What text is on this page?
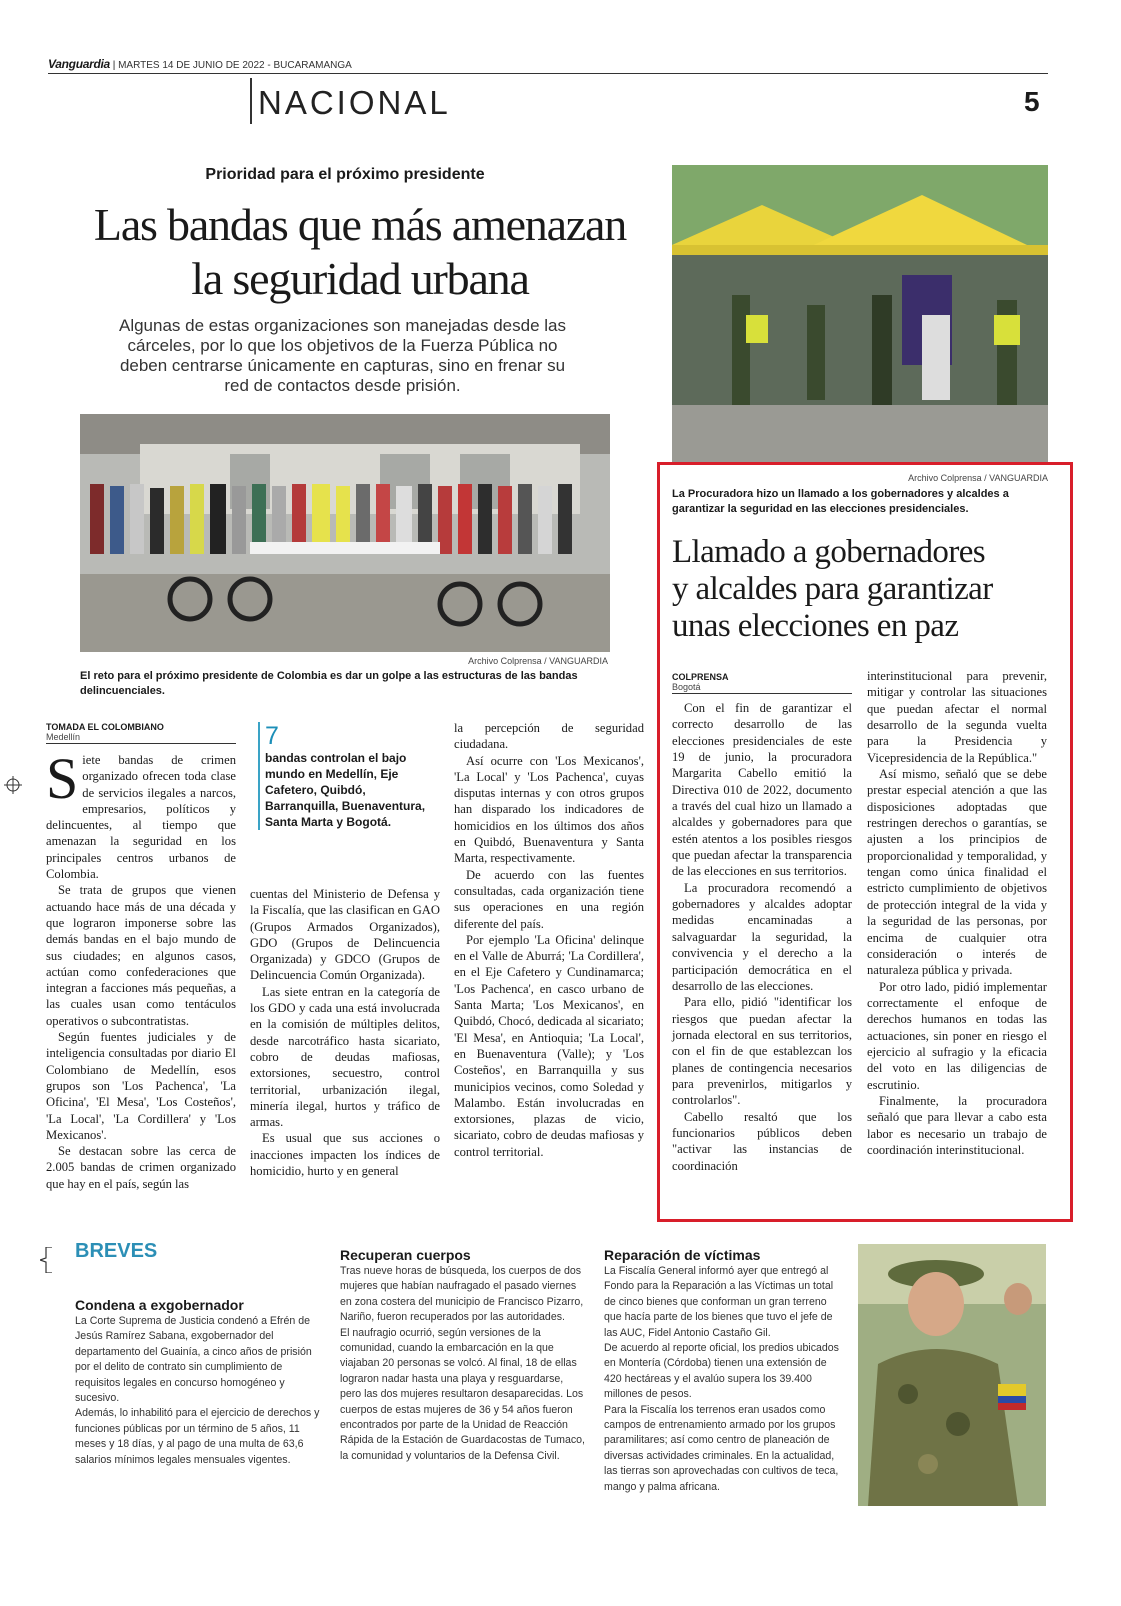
Vanguardia | MARTES 14 DE JUNIO DE 2022 - BUCARAMANGA
NACIONAL	5
Prioridad para el próximo presidente
Las bandas que más amenazan
la seguridad urbana
Algunas de estas organizaciones son manejadas desde las cárceles, por lo que los objetivos de la Fuerza Pública no deben centrarse únicamente en capturas, sino en frenar su red de contactos desde prisión.
Archivo Colprensa / VANGUARDIA
El reto para el próximo presidente de Colombia es dar un golpe a las estructuras de las bandas delincuenciales.
Archivo Colprensa / VANGUARDIA
La Procuradora hizo un llamado a los gobernadores y alcaldes a garantizar la seguridad en las elecciones presidenciales.
Llamado a gobernadores
y alcaldes para garantizar
unas elecciones en paz
COLPRENSA
Bogotá

Con el fin de garantizar el correcto desarrollo de las elecciones presidenciales de este 19 de junio, la procuradora Margarita Cabello emitió la Directiva 010 de 2022, documento a través del cual hizo un llamado a alcaldes y gobernadores para que estén atentos a los posibles riesgos que puedan afectar la transparencia de las elecciones en sus territorios.

La procuradora recomendó a gobernadores y alcaldes adoptar medidas encaminadas a salvaguardar la seguridad, la convivencia y el derecho a la participación democrática en el desarrollo de las elecciones.

Para ello, pidió "identificar los riesgos que puedan afectar la jornada electoral en sus territorios, con el fin de que establezcan los planes de contingencia necesarios para prevenirlos, mitigarlos y controlarlos".

Cabello resaltó que los funcionarios públicos deben "activar las instancias de coordinación

interinstitucional para prevenir, mitigar y controlar las situaciones que puedan afectar el normal desarrollo de la segunda vuelta para la Presidencia y Vicepresidencia de la República."

Así mismo, señaló que se debe prestar especial atención a que las disposiciones adoptadas que restringen derechos o garantías, se ajusten a los principios de proporcionalidad y temporalidad, y tengan como única finalidad el estricto cumplimiento de objetivos de protección integral de la vida y la seguridad de las personas, por encima de cualquier otra consideración o interés de naturaleza pública y privada.

Por otro lado, pidió implementar correctamente el enfoque de derechos humanos en todas las actuaciones, sin poner en riesgo el ejercicio al sufragio y la eficacia del voto en las diligencias de escrutinio.

Finalmente, la procuradora señaló que para llevar a cabo esta labor es necesario un trabajo de coordinación interinstitucional.

TOMADA EL COLOMBIANO
Medellín

Siete bandas de crimen organizado ofrecen toda clase de servicios ilegales a narcos, empresarios, políticos y delincuentes, al tiempo que amenazan la seguridad en los principales centros urbanos de Colombia.

Se trata de grupos que vienen actuando hace más de una década y que lograron imponerse sobre las demás bandas en el bajo mundo de sus ciudades; en algunos casos, actúan como confederaciones que integran a facciones más pequeñas, a las cuales usan como tentáculos operativos o subcontratistas.

Según fuentes judiciales y de inteligencia consultadas por diario El Colombiano de Medellín, esos grupos son 'Los Pachenca', 'La Oficina', 'El Mesa', 'Los Costeños', 'La Local', 'La Cordillera' y 'Los Mexicanos'.

Se destacan sobre las cerca de 2.005 bandas de crimen organizado que hay en el país, según las

7
bandas controlan el bajo mundo en Medellín, Eje Cafetero, Quibdó, Barranquilla, Buenaventura, Santa Marta y Bogotá.

cuentas del Ministerio de Defensa y la Fiscalía, que las clasifican en GAO (Grupos Armados Organizados), GDO (Grupos de Delincuencia Organizada) y GDCO (Grupos de Delincuencia Común Organizada).

Las siete entran en la categoría de los GDO y cada una está involucrada en la comisión de múltiples delitos, desde narcotráfico hasta sicariato, cobro de deudas mafiosas, extorsiones, secuestro, control territorial, urbanización ilegal, minería ilegal, hurtos y tráfico de armas.

Es usual que sus acciones o inacciones impacten los índices de homicidio, hurto y en general

la percepción de seguridad ciudadana.

Así ocurre con 'Los Mexicanos', 'La Local' y 'Los Pachenca', cuyas disputas internas y con otros grupos han disparado los indicadores de homicidios en los últimos dos años en Quibdó, Buenaventura y Santa Marta, respectivamente.

De acuerdo con las fuentes consultadas, cada organización tiene sus operaciones en una región diferente del país.

Por ejemplo 'La Oficina' delinque en el Valle de Aburrá; 'La Cordillera', en el Eje Cafetero y Cundinamarca; 'Los Pachenca', en casco urbano de Santa Marta; 'Los Mexicanos', en Quibdó, Chocó, dedicada al sicariato; 'El Mesa', en Antioquia; 'La Local', en Buenaventura (Valle); y 'Los Costeños', en Barranquilla y sus municipios vecinos, como Soledad y Malambo. Están involucradas en extorsiones, plazas de vicio, sicariato, cobro de deudas mafiosas y control territorial.

BREVES
Condena a exgobernador

La Corte Suprema de Justicia condenó a Efrén de Jesús Ramírez Sabana, exgobernador del departamento del Guainía, a cinco años de prisión por el delito de contrato sin cumplimiento de requisitos legales en concurso homogéneo y sucesivo.

Además, lo inhabilitó para el ejercicio de derechos y funciones públicas por un término de 5 años, 11 meses y 18 días, y al pago de una multa de 63,6 salarios mínimos legales mensuales vigentes.

Recuperan cuerpos

Tras nueve horas de búsqueda, los cuerpos de dos mujeres que habían naufragado el pasado viernes en zona costera del municipio de Francisco Pizarro, Nariño, fueron recuperados por las autoridades.

El naufragio ocurrió, según versiones de la comunidad, cuando la embarcación en la que viajaban 20 personas se volcó. Al final, 18 de ellas lograron nadar hasta una playa y resguardarse, pero las dos mujeres resultaron desaparecidas. Los cuerpos de estas mujeres de 36 y 54 años fueron encontrados por parte de la Unidad de Reacción Rápida de la Estación de Guardacostas de Tumaco, la comunidad y voluntarios de la Defensa Civil.

Reparación de víctimas

La Fiscalía General informó ayer que entregó al Fondo para la Reparación a las Víctimas un total de cinco bienes que conforman un gran terreno que hacía parte de los bienes que tuvo el jefe de las AUC, Fidel Antonio Castaño Gil.

De acuerdo al reporte oficial, los predios ubicados en Montería (Córdoba) tienen una extensión de 420 hectáreas y el avalúo supera los 39.400 millones de pesos.

Para la Fiscalía los terrenos eran usados como campos de entrenamiento armado por los grupos paramilitares; así como centro de planeación de diversas actividades criminales. En la actualidad, las tierras son aprovechadas con cultivos de teca, mango y palma africana.
